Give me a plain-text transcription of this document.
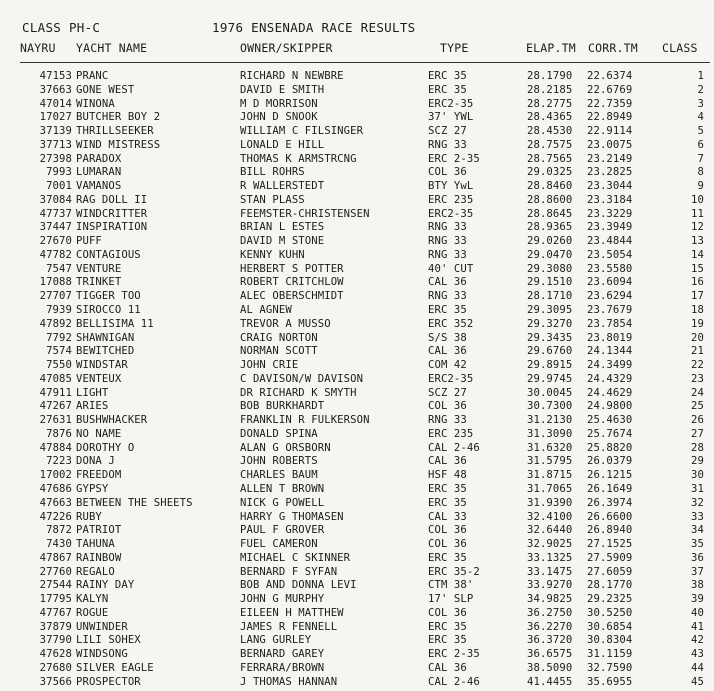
CLASS PH-C	1976 ENSENADA RACE RESULTS
NAYRU YACHT NAME	OWNER/SKIPPER	TYPE	ELAP.TM CORR.TM CLASS
47153 PRANC	RICHARD N NEWBRE	ERC 35	28.1790 22.6374	1
37663 GONE WEST	DAVID E SMITH	ERC 35	28.2185 22.6769	2
47014 WINONA	M D MORRISON	ERC2-35	28.2775 22.7359	3
17027 BUTCHER BOY 2	JOHN D SNOOK	37' YWL	28.4365 22.8949	4
37139 THRILLSEEKER	WILLIAM C FILSINGER	SCZ 27	28.4530 22.9114	5
37713 WIND MISTRESS	LONALD E HILL	RNG 33	28.7575 23.0075	6
27398 PARADOX	THOMAS K ARMSTRCNG	ERC 2-35	28.7565 23.2149	7
7993 LUMARAN	BILL ROHRS	COL 36	29.0325 23.2825	8
7001 VAMANOS	R WALLERSTEDT	BTY YwL	28.8460 23.3044	9
37084 RAG DOLL II	STAN PLASS	ERC 235	28.8600 23.3184	10
47737 WINDCRITTER	FEEMSTER-CHRISTENSEN	ERC2-35	28.8645 23.3229	11
37447 INSPIRATION	BRIAN L ESTES	RNG 33	28.9365 23.3949	12
27670 PUFF	DAVID M STONE	RNG 33	29.0260 23.4844	13
47782 CONTAGIOUS	KENNY KUHN	RNG 33	29.0470 23.5054	14
7547 VENTURE	HERBERT S POTTER	40' CUT	29.3080 23.5580	15
17088 TRINKET	ROBERT CRITCHLOW	CAL 36	29.1510 23.6094	16
27707 TIGGER TOO	ALEC OBERSCHMIDT	RNG 33	28.1710 23.6294	17
7939 SIROCCO 11	AL AGNEW	ERC 35	29.3095 23.7679	18
47892 BELLISIMA 11	TREVOR A MUSSO	ERC 352	29.3270 23.7854	19
7792 SHAWNIGAN	CRAIG NORTON	S/S 38	29.3435 23.8019	20
7574 BEWITCHED	NORMAN SCOTT	CAL 36	29.6760 24.1344	21
7550 WINDSTAR	JOHN CRIE	COM 42	29.8915 24.3499	22
47085 VENTEUX	C DAVISON/W DAVISON	ERC2-35	29.9745 24.4329	23
47911 LIGHT	DR RICHARD K SMYTH	SCZ 27	30.0045 24.4629	24
47267 ARIES	BOB BURKHARDT	COL 36	30.7300 24.9800	25
27631 BUSHWHACKER	FRANKLIN R FULKERSON	RNG 33	31.2130 25.4630	26
7876 NO NAME	DONALD SPINA	ERC 235	31.3090 25.7674	27
47884 DOROTHY O	ALAN G ORSBORN	CAL 2-46	31.6320 25.8820	28
7223 DONA J	JOHN ROBERTS	CAL 36	31.5795 26.0379	29
17002 FREEDOM	CHARLES BAUM	HSF 48	31.8715 26.1215	30
47686 GYPSY	ALLEN T BROWN	ERC 35	31.7065 26.1649	31
47663 BETWEEN THE SHEETS	NICK G POWELL	ERC 35	31.9390 26.3974	32
47226 RUBY	HARRY G THOMASEN	CAL 33	32.4100 26.6600	33
7872 PATRIOT	PAUL F GROVER	COL 36	32.6440 26.8940	34
7430 TAHUNA	FUEL CAMERON	COL 36	32.9025 27.1525	35
47867 RAINBOW	MICHAEL C SKINNER	ERC 35	33.1325 27.5909	36
27760 REGALO	BERNARD F SYFAN	ERC 35-2	33.1475 27.6059	37
27544 RAINY DAY	BOB AND DONNA LEVI	CTM 38'	33.9270 28.1770	38
17795 KALYN	JOHN G MURPHY	17' SLP	34.9825 29.2325	39
47767 ROGUE	EILEEN H MATTHEW	COL 36	36.2750 30.5250	40
37879 UNWINDER	JAMES R FENNELL	ERC 35	36.2270 30.6854	41
37790 LILI SOHEX	LANG GURLEY	ERC 35	36.3720 30.8304	42
47628 WINDSONG	BERNARD GAREY	ERC 2-35	36.6575 31.1159	43
27680 SILVER EAGLE	FERRARA/BROWN	CAL 36	38.5090 32.7590	44
37566 PROSPECTOR	J THOMAS HANNAN	CAL 2-46	41.4455 35.6955	45
